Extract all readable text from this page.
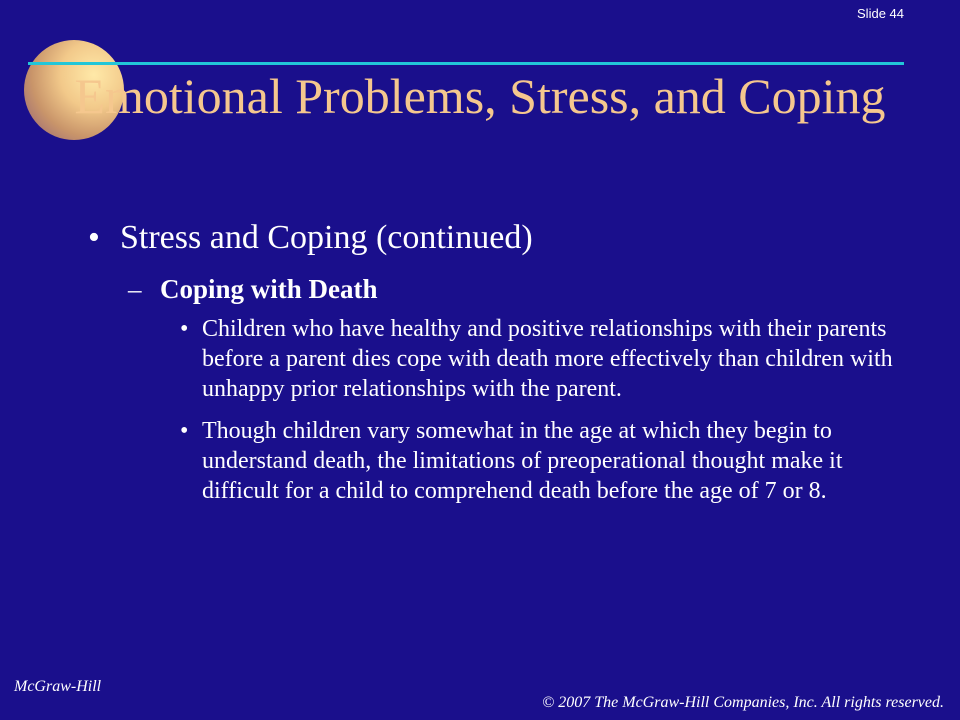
Slide 44
Emotional Problems, Stress, and Coping
• Stress and Coping (continued)
– Coping with Death
• Children who have healthy and positive relationships with their parents before a parent dies cope with death more effectively than children with unhappy prior relationships with the parent.
• Though children vary somewhat in the age at which they begin to understand death, the limitations of preoperational thought make it difficult for a child to comprehend death before the age of 7 or 8.
McGraw-Hill
© 2007 The McGraw-Hill Companies, Inc. All rights reserved.
